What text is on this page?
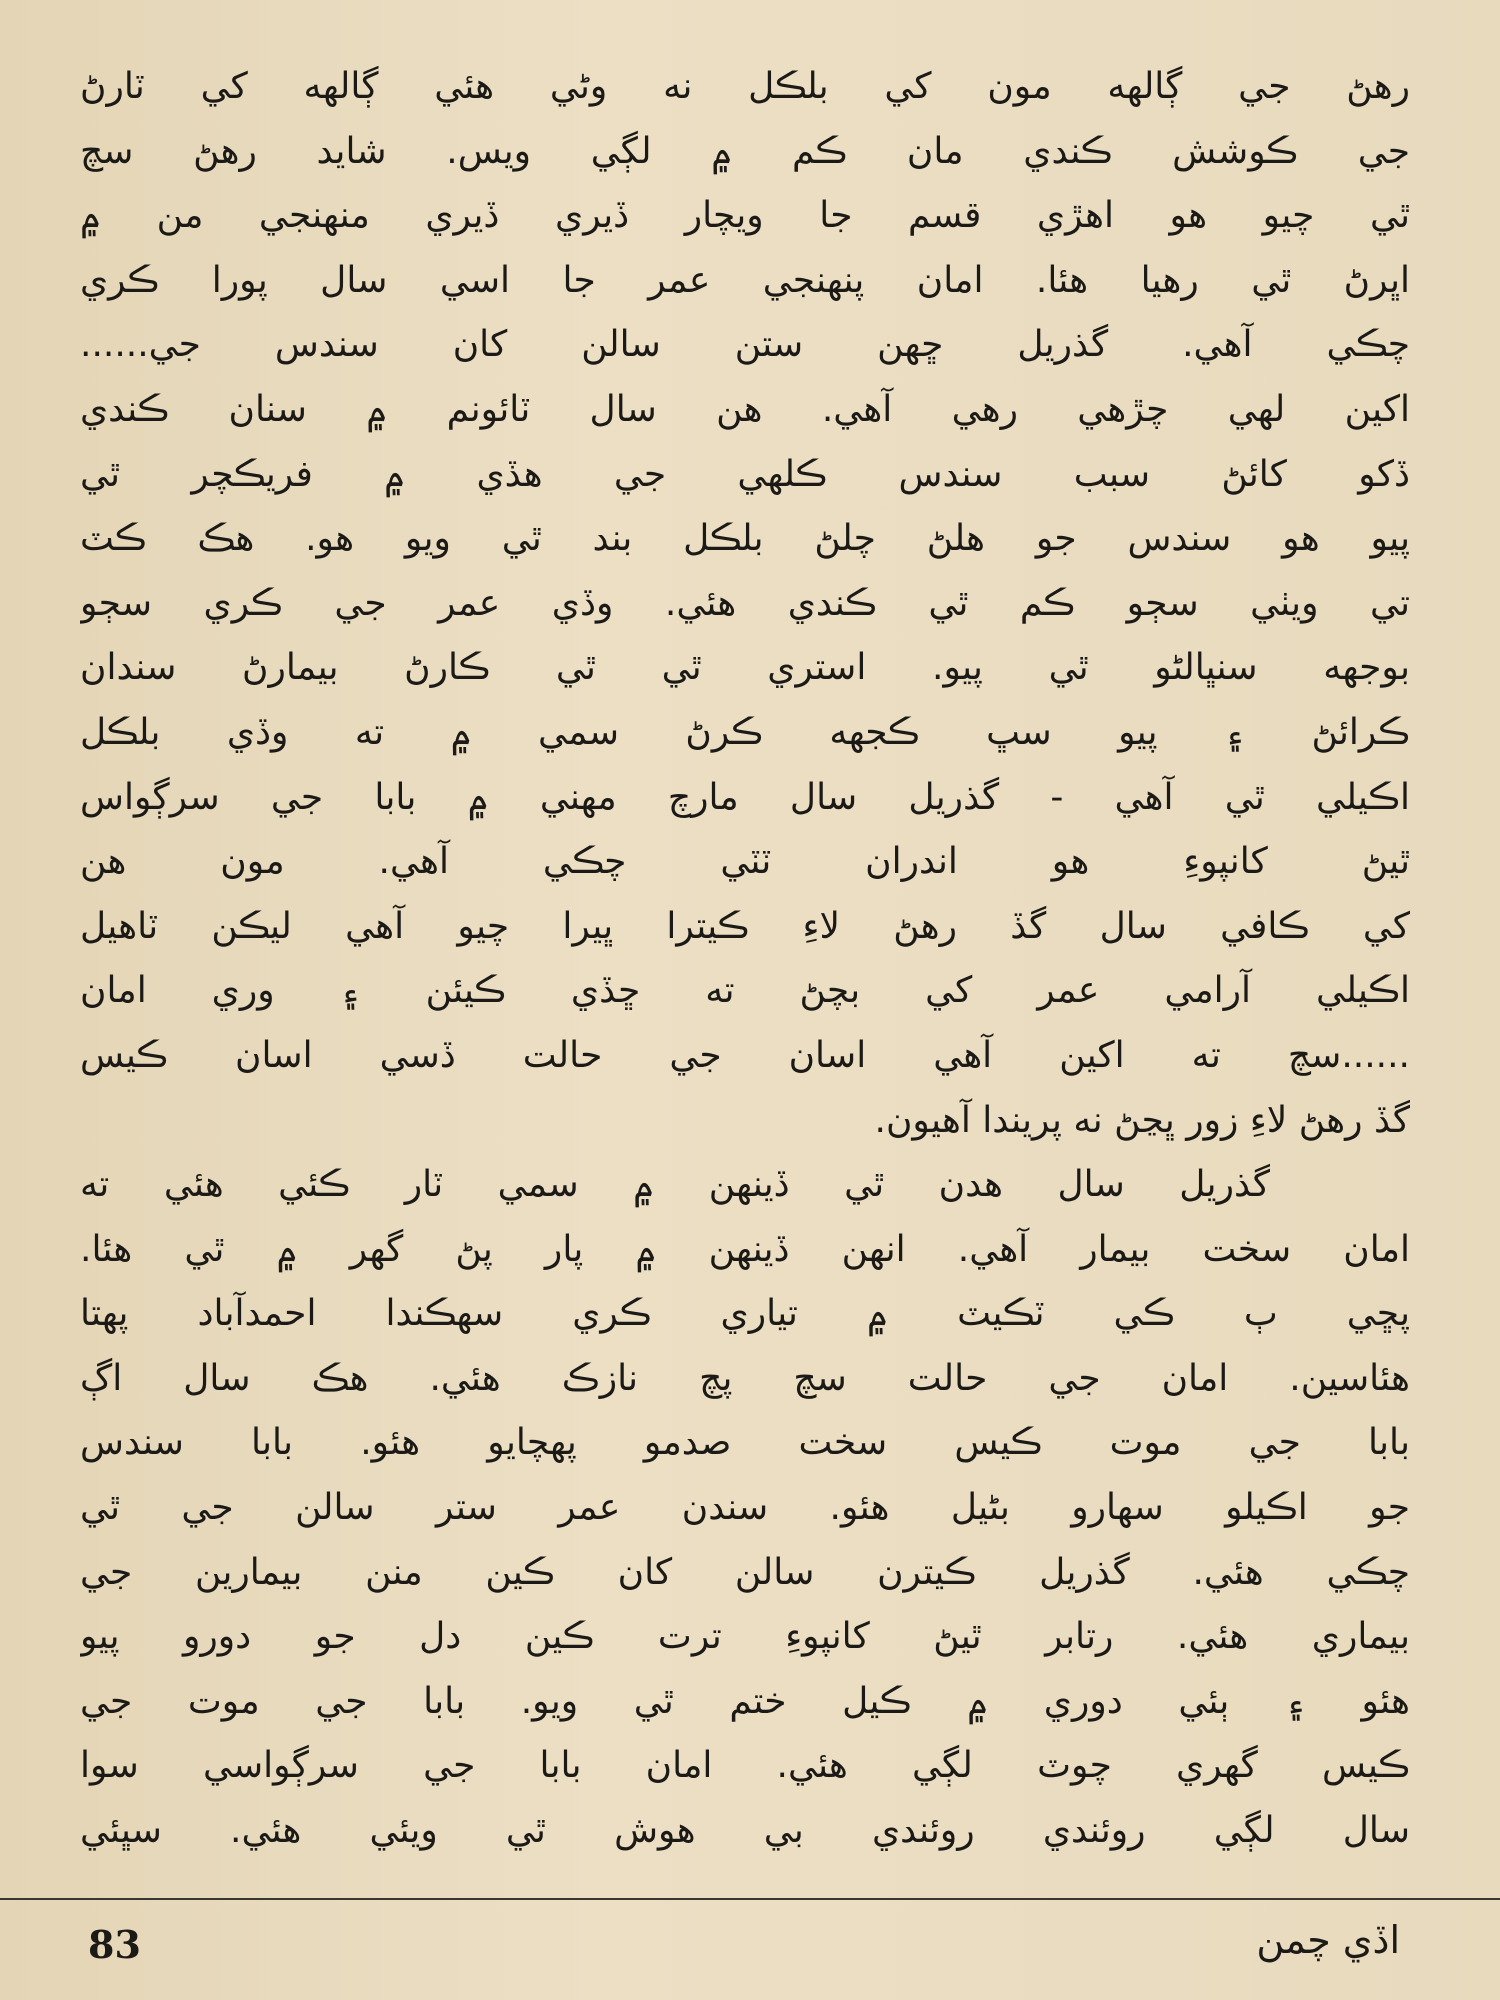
رهڻ جي ڳالهه مون کي بلڪل نه وڻي هئي ڳالهه کي ٽارڻ
جي ڪوشش ڪندي مان ڪم ۾ لڳي ويس. شايد رهڻ سچ
ٿي چيو هو اهڙي قسم جا ويچار ڏيري ڏيري منهنجي من ۾
اڀرڻ ٿي رهيا هئا. امان پنهنجي عمر جا اسي سال پورا ڪري
چڪي آهي. گذريل ڇهن ستن سالن کان سندس جي......
اکين لهي چڙهي رهي آهي. هن سال ٽائونم ۾ سنان ڪندي
ڏکو کائڻ سبب سندس ڪلهي جي هڏي ۾ فريڪچر ٿي
پيو هو سندس جو هلڻ چلڻ بلڪل بند ٿي ويو هو. هڪ ڪٽ
تي ويٺي سڄو ڪم ٿي ڪندي هئي. وڏي عمر جي ڪري سڄو
بوجهه سنڀالڻو ٿي پيو. استري ٿي ٿي ڪارڻ بيمارڻ سندان
ڪرائڻ ۽ پيو سڀ ڪجهه ڪرڻ سمي ۾ ته وڏي بلڪل
اڪيلي ٿي آهي - گذريل سال مارچ مهني ۾ بابا جي سرڳواس
ٿيڻ کانپوءِ هو اندران ٽٽي چڪي آهي. مون هن
کي ڪافي سال گڏ رهڻ لاءِ ڪيترا ڀيرا چيو آهي ليڪن ٽاهيل
اڪيلي آرامي عمر کي بچڻ ته ڇڏي ڪيئن ۽ وري امان
......سچ ته اکين آهي اسان جي حالت ڏسي اسان ڪيس
گڏ رهڻ لاءِ زور ڀڃڻ نه پريندا آهيون.
گذريل سال هدن ٿي ڏينهن ۾ سمي ٽار ڪئي هئي ته
امان سخت بيمار آهي. انهن ڏينهن ۾ پار پڻ گهر ۾ ٿي هئا.
پڇي ٻ ڪي ٽڪيٽ ۾ تياري ڪري سهڪندا احمدآباد پهتا
هئاسين. امان جي حالت سچ پچ نازڪ هئي. هڪ سال اڳ
بابا جي موت ڪيس سخت صدمو پهچايو هئو. بابا سندس
جو اڪيلو سهارو بڻيل هئو. سندن عمر ستر سالن جي ٿي
چڪي هئي. گذريل ڪيترن سالن کان ڪين منن بيمارين جي
بيماري هئي. رتابر ٿيڻ کانپوءِ ترت ڪين دل جو دورو پيو
هئو ۽ ٻئي دوري ۾ ڪيل ختم ٿي ويو. بابا جي موت جي
ڪيس گهري چوٽ لڳي هئي. امان بابا جي سرڳواسي سوا
سال لڳي روئندي روئندي بي هوش ٿي ويئي هئي. سڀئي
83	اڏي چمن
